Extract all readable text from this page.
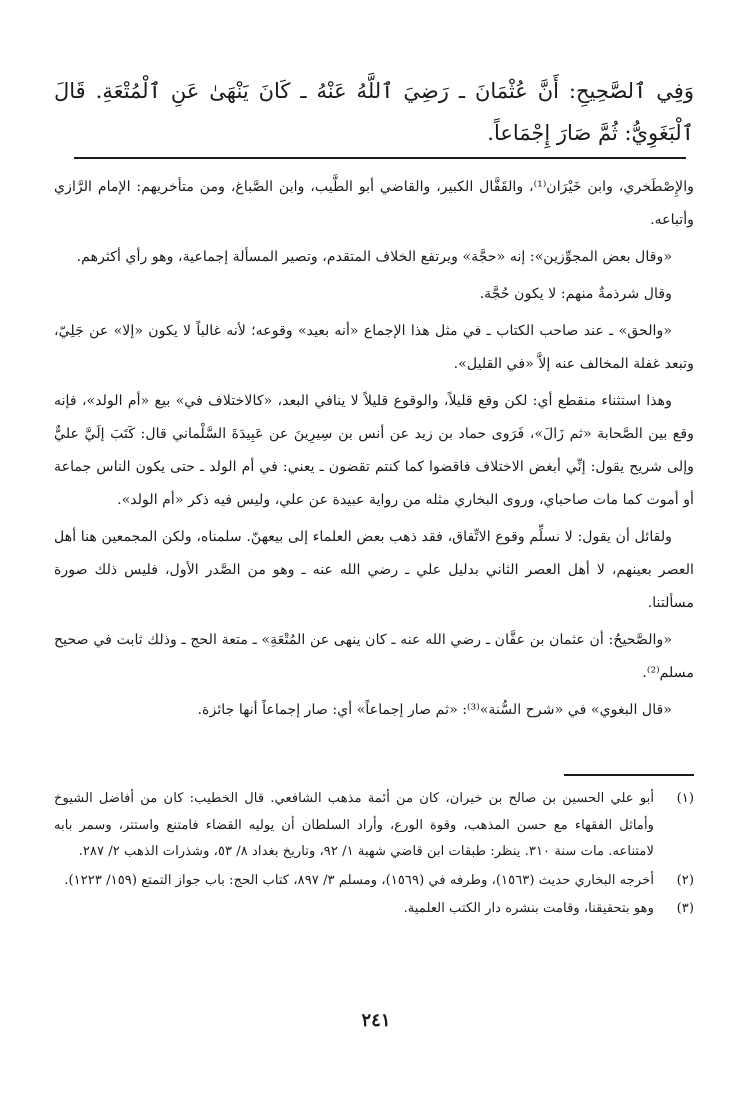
وَفِي ٱلصَّحِيحِ: أَنَّ عُثْمَانَ ـ رَضِيَ ٱللَّهُ عَنْهُ ـ كَانَ يَنْهَىٰ عَنِ ٱلْمُتْعَةِ. قَالَ ٱلْبَغَوِيُّ: ثُمَّ صَارَ إِجْمَاعاً.

والإِصْطَخري، وابن خَيْرَان⁽¹⁾، والقَفَّال الكبير، والقاضي أبو الطَّيب، وابن الصَّباغ، ومن متأخريهم: الإمام الرَّازي وأتباعه.

«وقال بعض المجوِّزين»: إنه «حجَّة» ويرتفع الخلاف المتقدم، وتصير المسألة إجماعية، وهو رأي أكثرهم.

وقال شرذمةٌ منهم: لا يكون حُجَّة.

«والحق» ـ عند صاحب الكتاب ـ في مثل هذا الإجماع «أنه بعيد» وقوعه؛ لأنه غالباً لا يكون «إلا» عن جَلِيّ، وتبعد غفلة المخالف عنه إلاَّ «في القليل».

وهذا استثناء منقطع أي: لكن وقع قليلاً، والوقوع قليلاً لا ينافي البعد، «كالاختلاف في» بيع «أم الولد»، فإنه وقع بين الصَّحابة «ثم زَالَ»، فَرَوى حماد بن زيد عن أنس بن سِيرِينَ عن عَبِيدَةَ السَّلْماني قال: كَتَبَ إلَيَّ عليٌّ وإلى شريح يقول: إنِّي أبغض الاختلاف فاقضوا كما كنتم تقضون ـ يعني: في أم الولد ـ حتى يكون الناس جماعة أو أموت كما مات صاحباي، وروى البخاري مثله من رواية عبيدة عن علي، وليس فيه ذكر «أم الولد».

ولقائل أن يقول: لا نسلِّم وقوع الاتِّفاق، فقد ذهب بعض العلماء إلى بيعهنّ. سلمناه، ولكن المجمعين هنا أهل العصر بعينهم، لا أهل العصر الثاني بدليل علي ـ رضي الله عنه ـ وهو من الصَّدر الأول، فليس ذلك صورة مسألتنا.

«والصَّحيحُ: أن عثمان بن عفَّان ـ رضي الله عنه ـ كان ينهى عن المُتْعَةِ» ـ متعة الحج ـ وذلك ثابت في صحيح مسلم⁽²⁾.

«قال البغوي» في «شرح السُّنة»⁽³⁾: «ثم صار إجماعاً» أي: صار إجماعاً أنها جائزة.

(١)
أبو علي الحسين بن صالح بن خيران، كان من أئمة مذهب الشافعي. قال الخطيب: كان من أفاضل الشيوخ وأماثل الفقهاء مع حسن المذهب، وقوة الورع، وأراد السلطان أن يوليه القضاء فامتنع واستتر، وسمر بابه لامتناعه. مات سنة ٣١٠. ينظر: طبقات ابن قاضي شهبة ١/ ٩٢، وتاريخ بغداد ٨/ ٥٣، وشذرات الذهب ٢/ ٢٨٧.
(٢)
أخرجه البخاري حديث (١٥٦٣)، وطرفه في (١٥٦٩)، ومسلم ٣/ ٨٩٧، كتاب الحج: باب جواز التمتع (١٥٩/ ١٢٢٣).
(٣)
وهو بتحقيقنا، وقامت بنشره دار الكتب العلمية.
٢٤١
